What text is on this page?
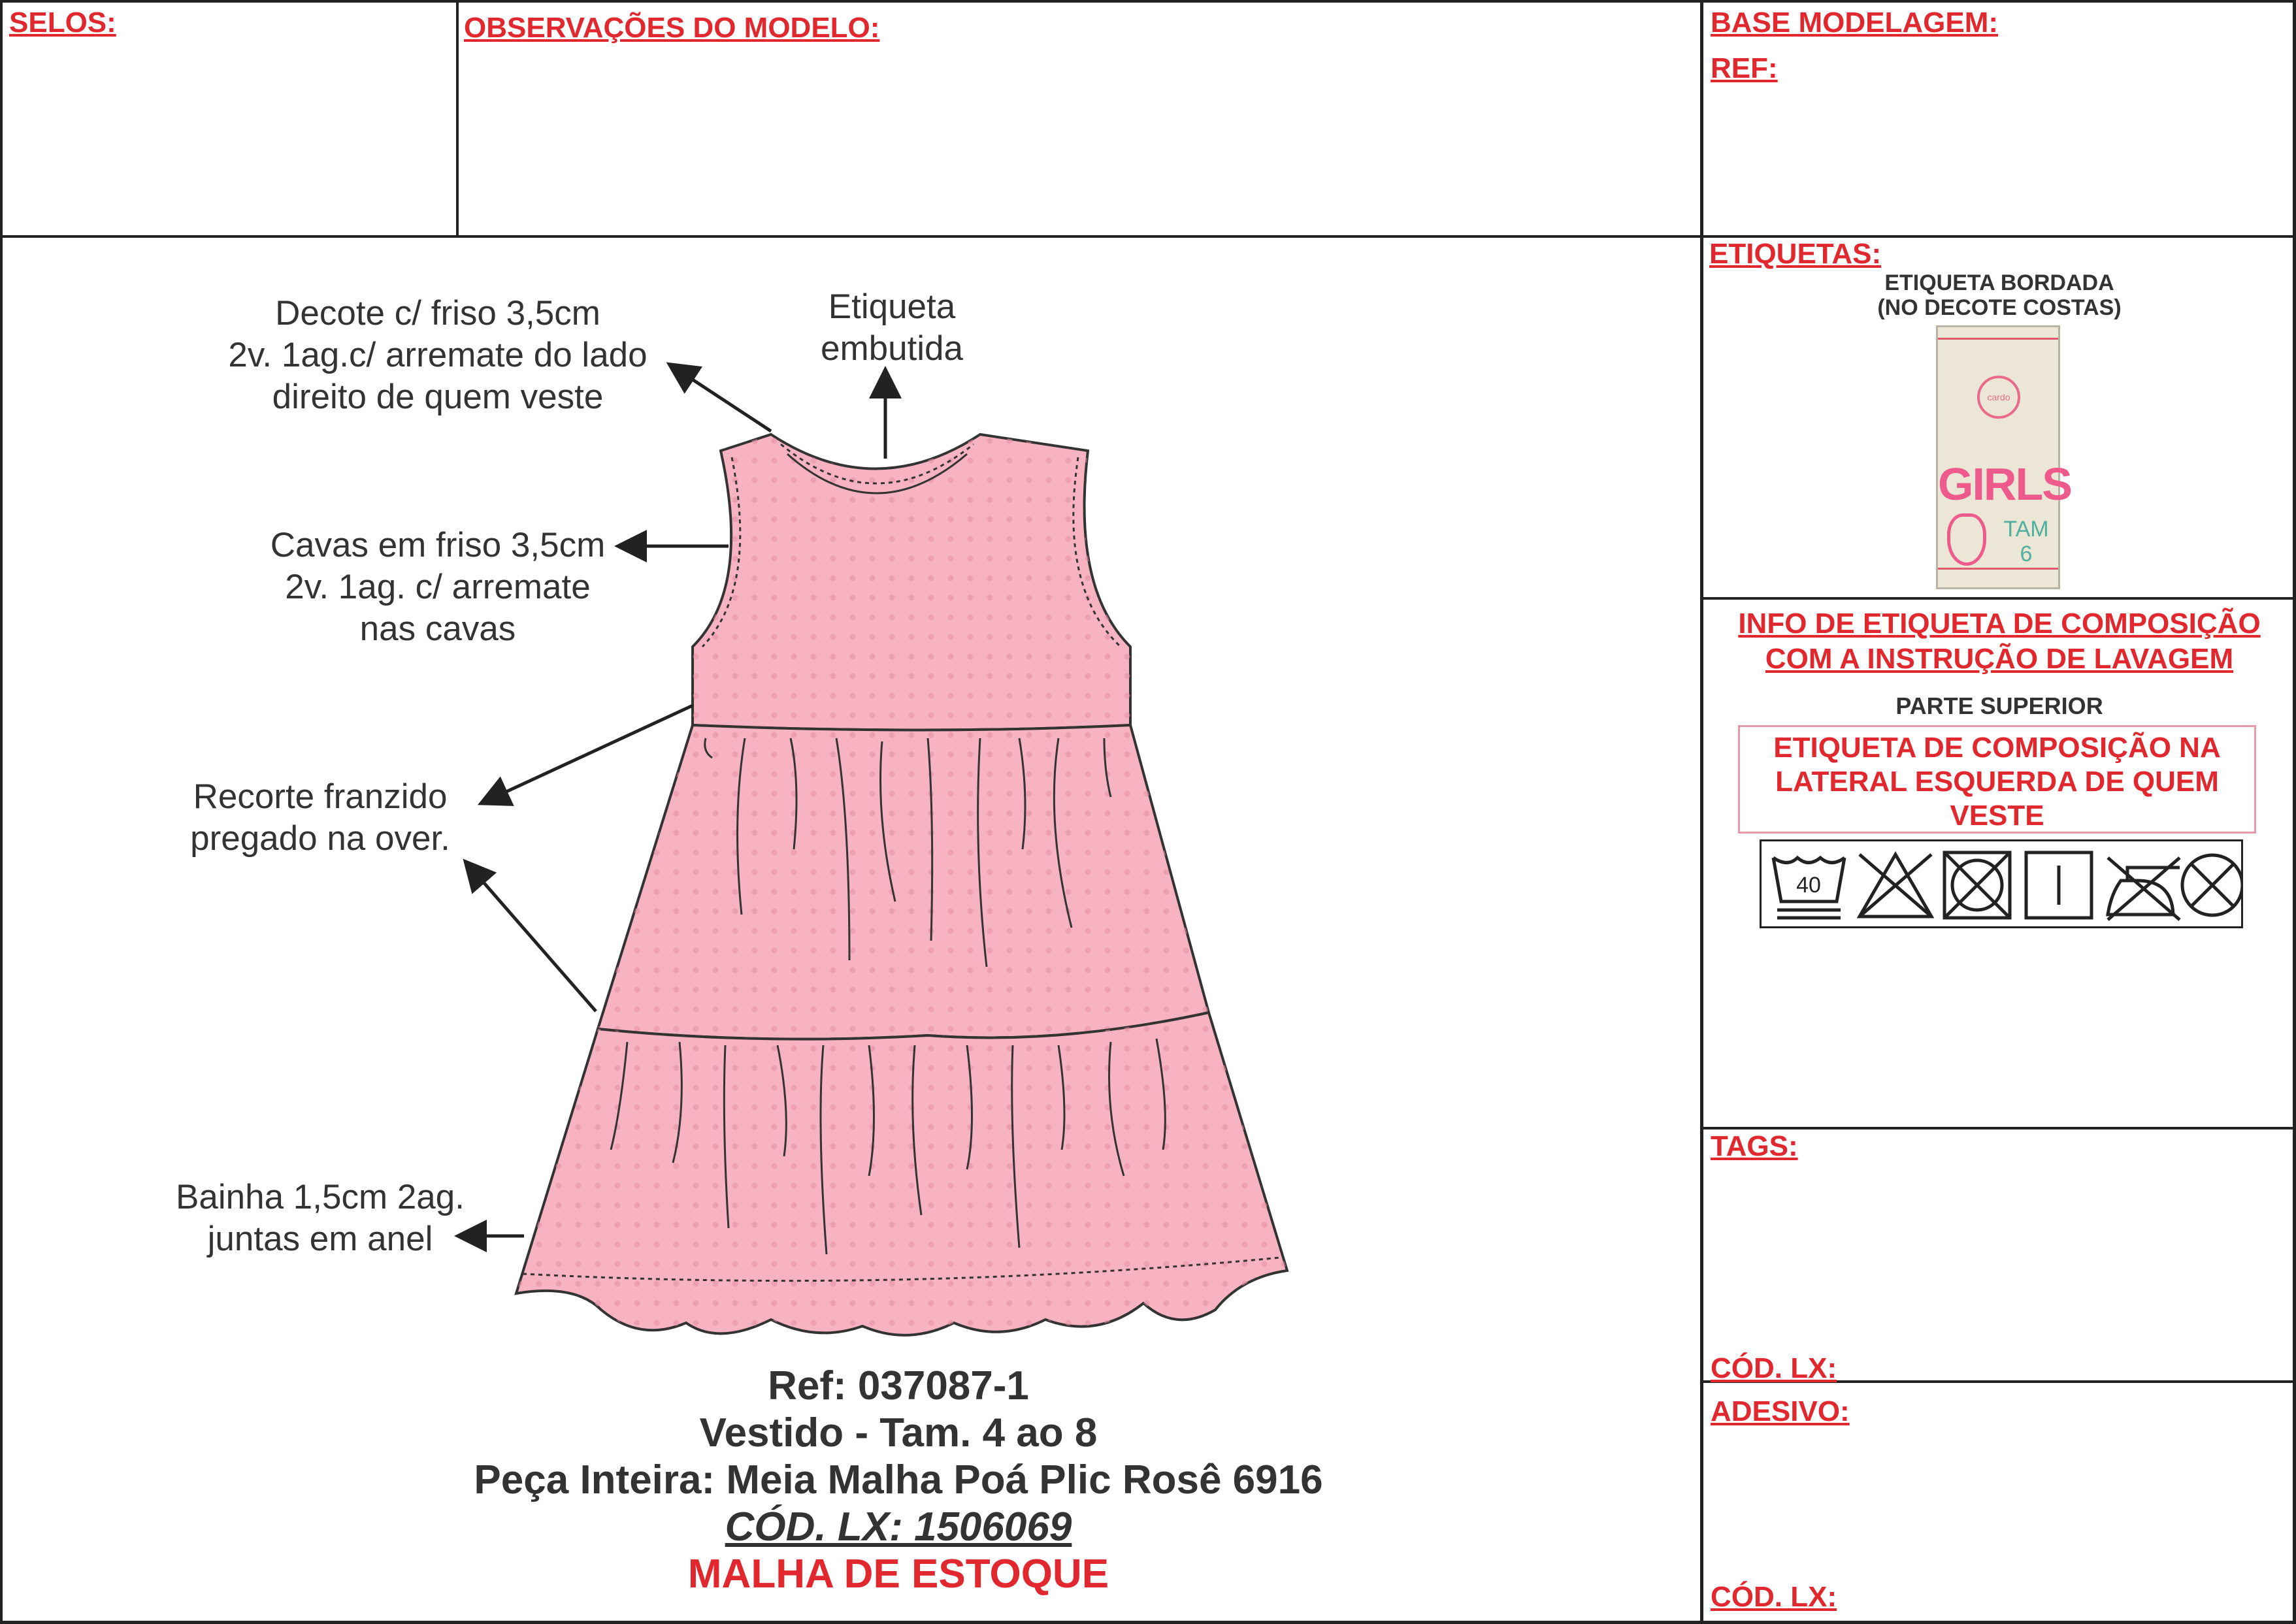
SELOS:	OBSERVAÇÕES DO MODELO:	BASE MODELAGEM:
REF:
Decote c/ friso 3,5cm
2v. 1ag.c/ arremate do lado
direito de quem veste
Etiqueta
embutida
Cavas em friso 3,5cm
2v. 1ag. c/ arremate
nas cavas
Recorte franzido
pregado na over.
Bainha 1,5cm 2ag.
juntas em anel
Ref: 037087-1
Vestido - Tam. 4 ao 8
Peça Inteira: Meia Malha Poá Plic Rosê 6916
CÓD. LX: 1506069
MALHA DE ESTOQUE
ETIQUETAS:
ETIQUETA BORDADA
(NO DECOTE COSTAS)
cardo
GIRLS
TAM
6
INFO DE ETIQUETA DE COMPOSIÇÃO
COM A INSTRUÇÃO DE LAVAGEM
PARTE SUPERIOR
ETIQUETA DE COMPOSIÇÃO NA
LATERAL ESQUERDA DE QUEM
VESTE
40
TAGS:
CÓD. LX:
ADESIVO:
CÓD. LX:
